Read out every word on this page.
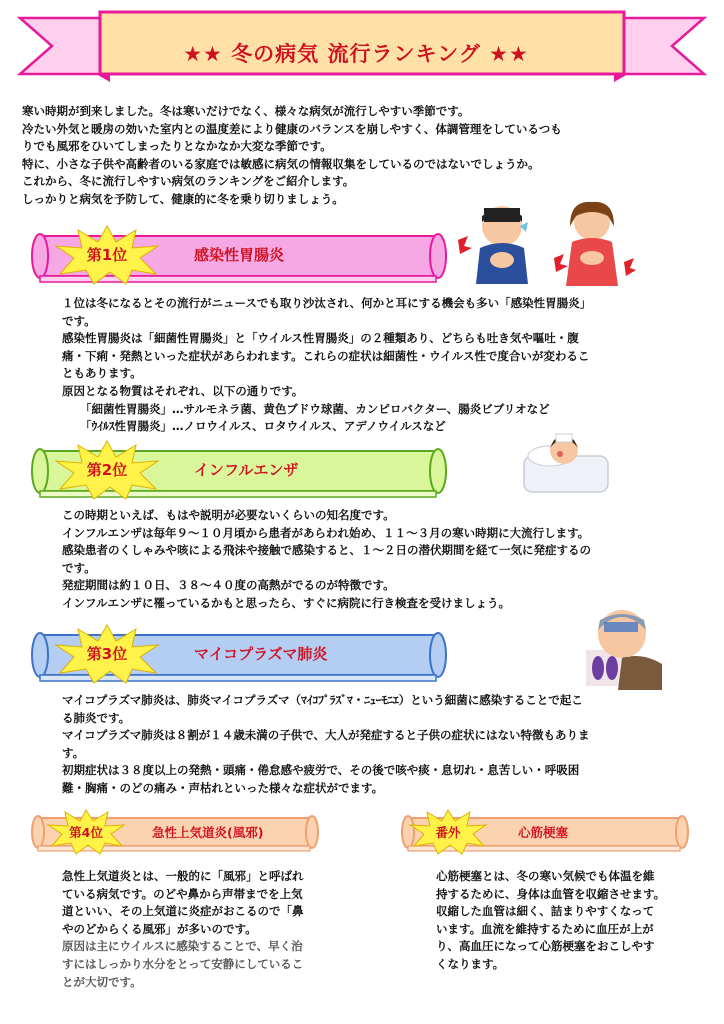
★★ 冬の病気 流行ランキング ★★
寒い時期が到来しました。冬は寒いだけでなく、様々な病気が流行しやすい季節です。
冷たい外気と暖房の効いた室内との温度差により健康のバランスを崩しやすく、体調管理をしているつも
りでも風邪をひいてしまったりとなかなか大変な季節です。
特に、小さな子供や高齢者のいる家庭では敏感に病気の情報収集をしているのではないでしょうか。
これから、冬に流行しやすい病気のランキングをご紹介します。
しっかりと病気を予防して、健康的に冬を乗り切りましょう。
第1位	感染性胃腸炎
１位は冬になるとその流行がニュースでも取り沙汰され、何かと耳にする機会も多い「感染性胃腸炎」
です。
感染性胃腸炎は「細菌性胃腸炎」と「ウイルス性胃腸炎」の２種類あり、どちらも吐き気や嘔吐・腹
痛・下痢・発熱といった症状があらわれます。これらの症状は細菌性・ウイルス性で度合いが変わるこ
ともあります。
原因となる物質はそれぞれ、以下の通りです。
「細菌性胃腸炎」…サルモネラ菌、黄色ブドウ球菌、カンピロバクター、腸炎ビブリオなど
「ｳｲﾙｽ性胃腸炎」…ノロウイルス、ロタウイルス、アデノウイルスなど
第2位	インフルエンザ
この時期といえば、もはや説明が必要ないくらいの知名度です。
インフルエンザは毎年９～１０月頃から患者があらわれ始め、１１～３月の寒い時期に大流行します。
感染患者のくしゃみや咳による飛沫や接触で感染すると、１～２日の潜伏期間を経て一気に発症するの
です。
発症期間は約１０日、３８～４０度の高熱がでるのが特徴です。
インフルエンザに罹っているかもと思ったら、すぐに病院に行き検査を受けましょう。
第3位	マイコプラズマ肺炎
マイコプラズマ肺炎は、肺炎マイコプラズマ（ﾏｲｺﾌﾟﾗｽﾞﾏ・ﾆｭｰﾓﾆｴ）という細菌に感染することで起こ
る肺炎です。
マイコプラズマ肺炎は８割が１４歳未満の子供で、大人が発症すると子供の症状にはない特徴もありま
す。
初期症状は３８度以上の発熱・頭痛・倦怠感や疲労で、その後で咳や痰・息切れ・息苦しい・呼吸困
難・胸痛・のどの痛み・声枯れといった様々な症状がでます。
第4位	急性上気道炎(風邪)	番外	心筋梗塞
急性上気道炎とは、一般的に「風邪」と呼ばれ
ている病気です。のどや鼻から声帯までを上気
道といい、その上気道に炎症がおこるので「鼻
やのどからくる風邪」が多いのです。
原因は主にウイルスに感染することで、早く治
すにはしっかり水分をとって安静にしているこ
とが大切です。
心筋梗塞とは、冬の寒い気候でも体温を維
持するために、身体は血管を収縮させます。
収縮した血管は細く、詰まりやすくなって
います。血流を維持するために血圧が上が
り、高血圧になって心筋梗塞をおこしやす
くなります。
